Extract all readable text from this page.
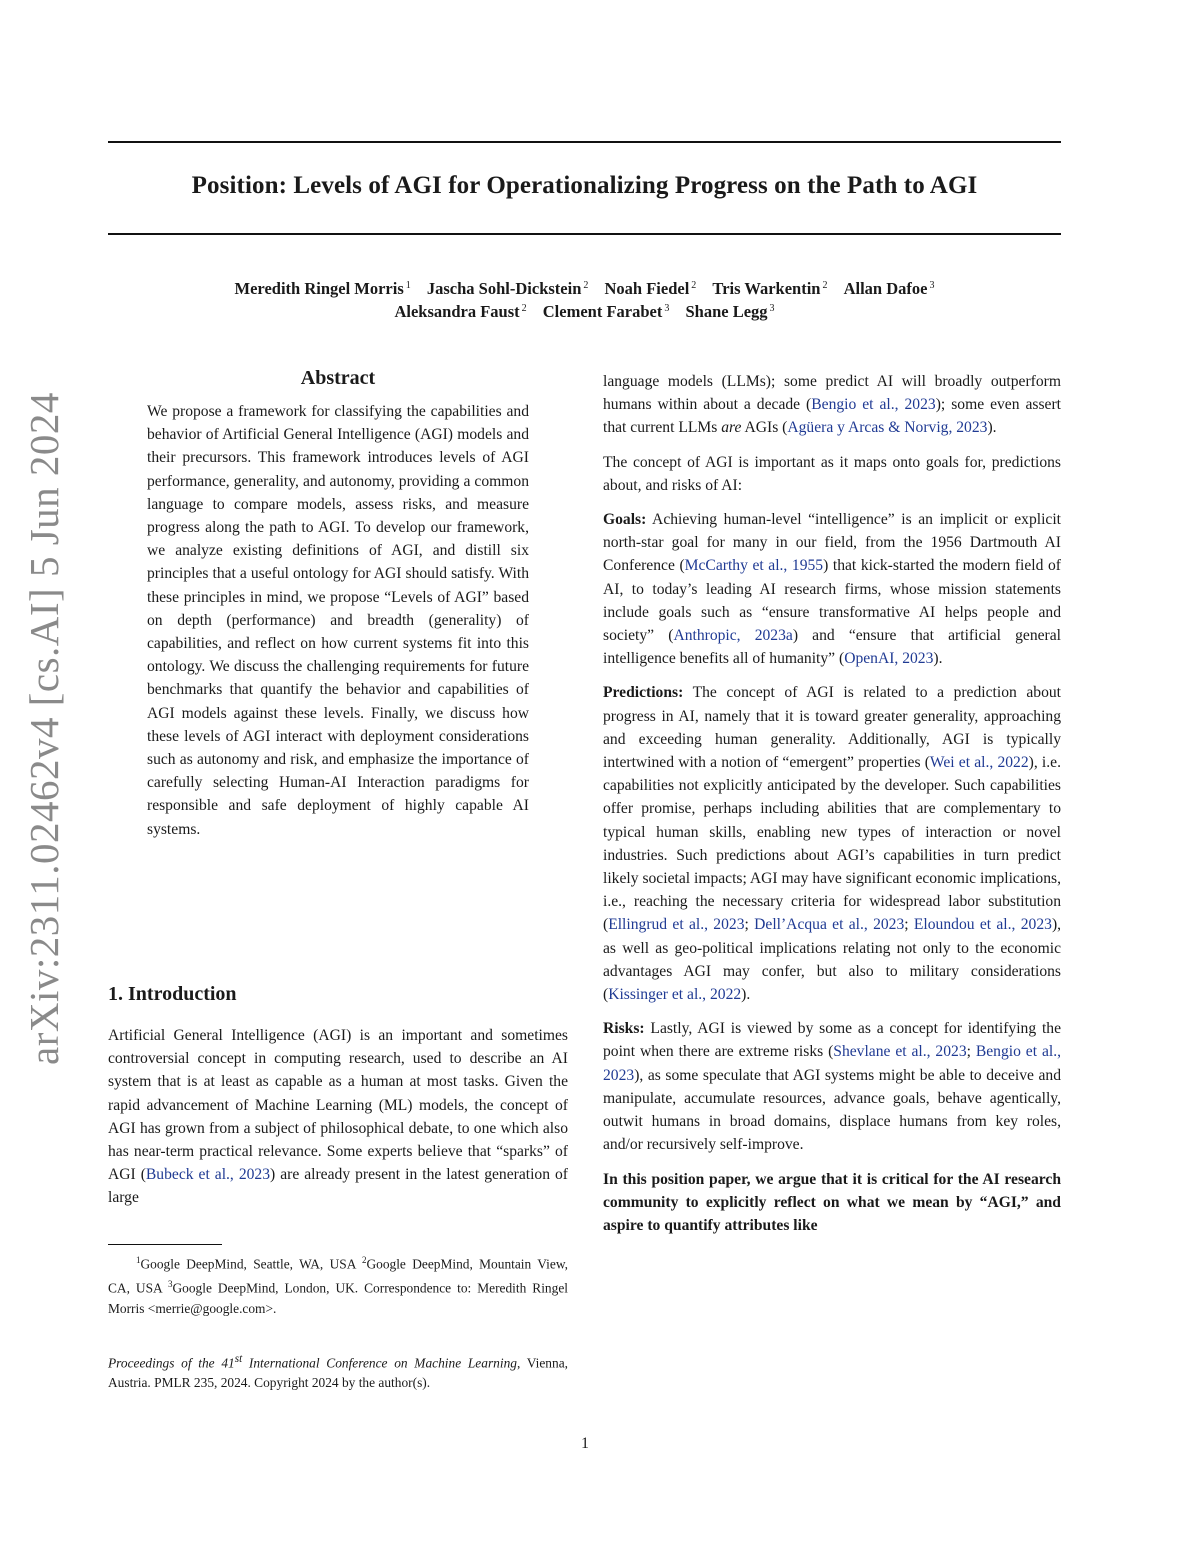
Position: Levels of AGI for Operationalizing Progress on the Path to AGI
Meredith Ringel Morris $^1$ Jascha Sohl-Dickstein $^2$ Noah Fiedel $^2$ Tris Warkentin $^2$ Allan Dafoe $^3$
Aleksandra Faust $^2$ Clement Farabet $^3$ Shane Legg $^3$
arXiv:2311.02462v4 [cs.AI] 5 Jun 2024
Abstract
We propose a framework for classifying the capabilities and behavior of Artificial General Intelligence (AGI) models and their precursors. This framework introduces levels of AGI performance, generality, and autonomy, providing a common language to compare models, assess risks, and measure progress along the path to AGI. To develop our framework, we analyze existing definitions of AGI, and distill six principles that a useful ontology for AGI should satisfy. With these principles in mind, we propose “Levels of AGI” based on depth (performance) and breadth (generality) of capabilities, and reflect on how current systems fit into this ontology. We discuss the challenging requirements for future benchmarks that quantify the behavior and capabilities of AGI models against these levels. Finally, we discuss how these levels of AGI interact with deployment considerations such as autonomy and risk, and emphasize the importance of carefully selecting Human-AI Interaction paradigms for responsible and safe deployment of highly capable AI systems.
1. Introduction
Artificial General Intelligence (AGI) is an important and sometimes controversial concept in computing research, used to describe an AI system that is at least as capable as a human at most tasks. Given the rapid advancement of Machine Learning (ML) models, the concept of AGI has grown from a subject of philosophical debate, to one which also has near-term practical relevance. Some experts believe that “sparks” of AGI (Bubeck et al., 2023) are already present in the latest generation of large
$^1$Google DeepMind, Seattle, WA, USA $^2$Google DeepMind, Mountain View, CA, USA $^3$Google DeepMind, London, UK. Correspondence to: Meredith Ringel Morris <merrie@google.com>.
Proceedings of the 41st International Conference on Machine Learning, Vienna, Austria. PMLR 235, 2024. Copyright 2024 by the author(s).

language models (LLMs); some predict AI will broadly outperform humans within about a decade (Bengio et al., 2023); some even assert that current LLMs are AGIs (Agüera y Arcas & Norvig, 2023).

The concept of AGI is important as it maps onto goals for, predictions about, and risks of AI:

Goals: Achieving human-level “intelligence” is an implicit or explicit north-star goal for many in our field, from the 1956 Dartmouth AI Conference (McCarthy et al., 1955) that kick-started the modern field of AI, to today’s leading AI research firms, whose mission statements include goals such as “ensure transformative AI helps people and society” (Anthropic, 2023a) and “ensure that artificial general intelligence benefits all of humanity” (OpenAI, 2023).

Predictions: The concept of AGI is related to a prediction about progress in AI, namely that it is toward greater generality, approaching and exceeding human generality. Additionally, AGI is typically intertwined with a notion of “emergent” properties (Wei et al., 2022), i.e. capabilities not explicitly anticipated by the developer. Such capabilities offer promise, perhaps including abilities that are complementary to typical human skills, enabling new types of interaction or novel industries. Such predictions about AGI’s capabilities in turn predict likely societal impacts; AGI may have significant economic implications, i.e., reaching the necessary criteria for widespread labor substitution (Ellingrud et al., 2023; Dell’Acqua et al., 2023; Eloundou et al., 2023), as well as geo-political implications relating not only to the economic advantages AGI may confer, but also to military considerations (Kissinger et al., 2022).

Risks: Lastly, AGI is viewed by some as a concept for identifying the point when there are extreme risks (Shevlane et al., 2023; Bengio et al., 2023), as some speculate that AGI systems might be able to deceive and manipulate, accumulate resources, advance goals, behave agentically, outwit humans in broad domains, displace humans from key roles, and/or recursively self-improve.

In this position paper, we argue that it is critical for the AI research community to explicitly reflect on what we mean by “AGI,” and aspire to quantify attributes like

1
